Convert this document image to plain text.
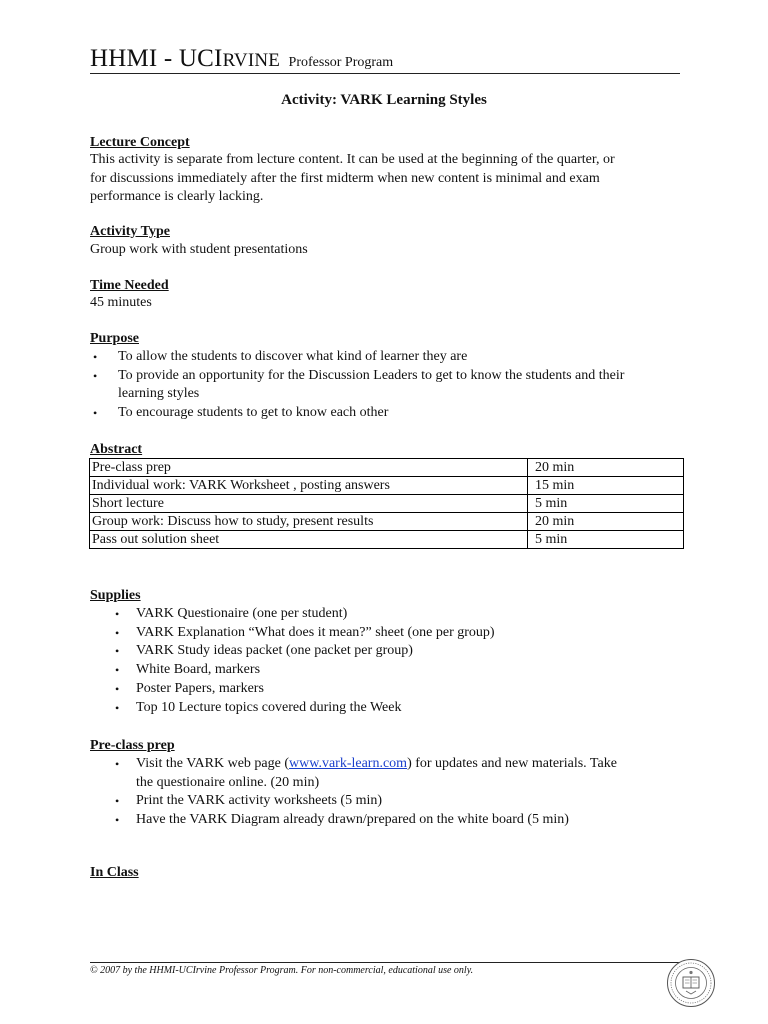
HHMI - UCIRVINE Professor Program
Activity: VARK Learning Styles
Lecture Concept
This activity is separate from lecture content. It can be used at the beginning of the quarter, or
for discussions immediately after the first midterm when new content is minimal and exam
performance is clearly lacking.
Activity Type
Group work with student presentations
Time Needed
45 minutes
Purpose
• To allow the students to discover what kind of learner they are
• To provide an opportunity for the Discussion Leaders to get to know the students and their
learning styles
• To encourage students to get to know each other
Abstract
Pre-class prep	20 min
Individual work: VARK Worksheet , posting answers	15 min
Short lecture	5 min
Group work: Discuss how to study, present results	20 min
Pass out solution sheet	5 min
Supplies
• VARK Questionaire (one per student)
• VARK Explanation “What does it mean?” sheet (one per group)
• VARK Study ideas packet (one packet per group)
• White Board, markers
• Poster Papers, markers
• Top 10 Lecture topics covered during the Week
Pre-class prep
• Visit the VARK web page (www.vark-learn.com) for updates and new materials. Take
the questionaire online. (20 min)
• Print the VARK activity worksheets (5 min)
• Have the VARK Diagram already drawn/prepared on the white board (5 min)
In Class
© 2007 by the HHMI-UCIrvine Professor Program. For non-commercial, educational use only.
